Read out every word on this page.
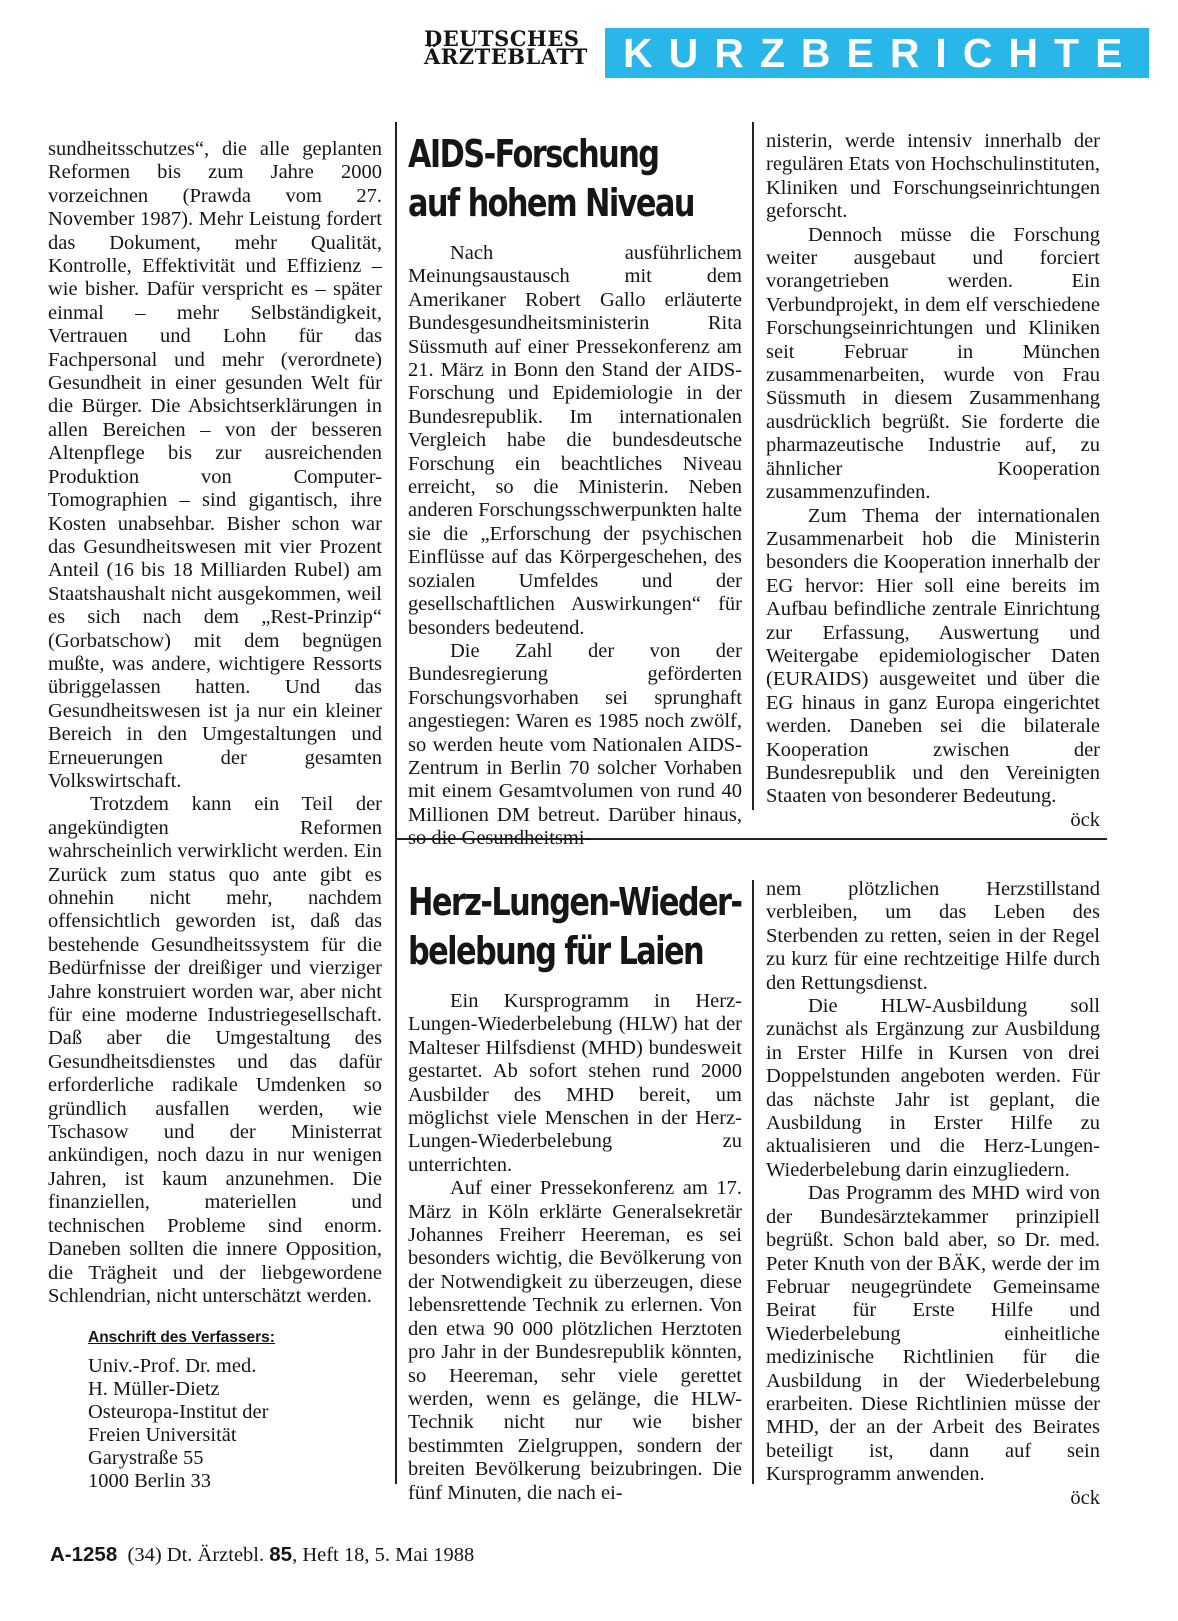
DEUTSCHES
ÄRZTEBLATT KURZBERICHTE

sundheitsschutzes“, die alle geplanten Reformen bis zum Jahre 2000 vorzeichnen (Prawda vom 27. November 1987). Mehr Leistung fordert das Dokument, mehr Qualität, Kontrolle, Effektivität und Effizienz – wie bisher. Dafür verspricht es – später einmal – mehr Selbständigkeit, Vertrauen und Lohn für das Fachpersonal und mehr (verordnete) Gesundheit in einer gesunden Welt für die Bürger. Die Absichtserklärungen in allen Bereichen – von der besseren Altenpflege bis zur ausreichenden Produktion von Computer-Tomographien – sind gigantisch, ihre Kosten unabsehbar. Bisher schon war das Gesundheitswesen mit vier Prozent Anteil (16 bis 18 Milliarden Rubel) am Staatshaushalt nicht ausgekommen, weil es sich nach dem „Rest-Prinzip“ (Gorbatschow) mit dem begnügen mußte, was andere, wichtigere Ressorts übriggelassen hatten. Und das Gesundheitswesen ist ja nur ein kleiner Bereich in den Umgestaltungen und Erneuerungen der gesamten Volkswirtschaft.

Trotzdem kann ein Teil der angekündigten Reformen wahrscheinlich verwirklicht werden. Ein Zurück zum status quo ante gibt es ohnehin nicht mehr, nachdem offensichtlich geworden ist, daß das bestehende Gesundheitssystem für die Bedürfnisse der dreißiger und vierziger Jahre konstruiert worden war, aber nicht für eine moderne Industriegesellschaft. Daß aber die Umgestaltung des Gesundheitsdienstes und das dafür erforderliche radikale Umdenken so gründlich ausfallen werden, wie Tschasow und der Ministerrat ankündigen, noch dazu in nur wenigen Jahren, ist kaum anzunehmen. Die finanziellen, materiellen und technischen Probleme sind enorm. Daneben sollten die innere Opposition, die Trägheit und der liebgewordene Schlendrian, nicht unterschätzt werden.

Anschrift des Verfassers:
Univ.-Prof. Dr. med.
H. Müller-Dietz
Osteuropa-Institut der
Freien Universität
Garystraße 55
1000 Berlin 33
AIDS-Forschung
auf hohem Niveau

Nach ausführlichem Meinungsaustausch mit dem Amerikaner Robert Gallo erläuterte Bundesgesundheitsministerin Rita Süssmuth auf einer Pressekonferenz am 21. März in Bonn den Stand der AIDS-Forschung und Epidemiologie in der Bundesrepublik. Im internationalen Vergleich habe die bundesdeutsche Forschung ein beachtliches Niveau erreicht, so die Ministerin. Neben anderen Forschungsschwerpunkten halte sie die „Erforschung der psychischen Einflüsse auf das Körpergeschehen, des sozialen Umfeldes und der gesellschaftlichen Auswirkungen“ für besonders bedeutend.

Die Zahl der von der Bundesregierung geförderten Forschungsvorhaben sei sprunghaft angestiegen: Waren es 1985 noch zwölf, so werden heute vom Nationalen AIDS-Zentrum in Berlin 70 solcher Vorhaben mit einem Gesamtvolumen von rund 40 Millionen DM betreut. Darüber hinaus, so die Gesundheitsmi-

nisterin, werde intensiv innerhalb der regulären Etats von Hochschulinstituten, Kliniken und Forschungseinrichtungen geforscht.

Dennoch müsse die Forschung weiter ausgebaut und forciert vorangetrieben werden. Ein Verbundprojekt, in dem elf verschiedene Forschungseinrichtungen und Kliniken seit Februar in München zusammenarbeiten, wurde von Frau Süssmuth in diesem Zusammenhang ausdrücklich begrüßt. Sie forderte die pharmazeutische Industrie auf, zu ähnlicher Kooperation zusammenzufinden.

Zum Thema der internationalen Zusammenarbeit hob die Ministerin besonders die Kooperation innerhalb der EG hervor: Hier soll eine bereits im Aufbau befindliche zentrale Einrichtung zur Erfassung, Auswertung und Weitergabe epidemiologischer Daten (EURAIDS) ausgeweitet und über die EG hinaus in ganz Europa eingerichtet werden. Daneben sei die bilaterale Kooperation zwischen der Bundesrepublik und den Vereinigten Staaten von besonderer Bedeutung.

öck

Herz-Lungen-Wieder-
belebung für Laien

Ein Kursprogramm in Herz-Lungen-Wiederbelebung (HLW) hat der Malteser Hilfsdienst (MHD) bundesweit gestartet. Ab sofort stehen rund 2000 Ausbilder des MHD bereit, um möglichst viele Menschen in der Herz-Lungen-Wiederbelebung zu unterrichten.

Auf einer Pressekonferenz am 17. März in Köln erklärte Generalsekretär Johannes Freiherr Heereman, es sei besonders wichtig, die Bevölkerung von der Notwendigkeit zu überzeugen, diese lebensrettende Technik zu erlernen. Von den etwa 90 000 plötzlichen Herztoten pro Jahr in der Bundesrepublik könnten, so Heereman, sehr viele gerettet werden, wenn es gelänge, die HLW-Technik nicht nur wie bisher bestimmten Zielgruppen, sondern der breiten Bevölkerung beizubringen. Die fünf Minuten, die nach ei-

nem plötzlichen Herzstillstand verbleiben, um das Leben des Sterbenden zu retten, seien in der Regel zu kurz für eine rechtzeitige Hilfe durch den Rettungsdienst.

Die HLW-Ausbildung soll zunächst als Ergänzung zur Ausbildung in Erster Hilfe in Kursen von drei Doppelstunden angeboten werden. Für das nächste Jahr ist geplant, die Ausbildung in Erster Hilfe zu aktualisieren und die Herz-Lungen-Wiederbelebung darin einzugliedern.

Das Programm des MHD wird von der Bundesärztekammer prinzipiell begrüßt. Schon bald aber, so Dr. med. Peter Knuth von der BÄK, werde der im Februar neugegründete Gemeinsame Beirat für Erste Hilfe und Wiederbelebung einheitliche medizinische Richtlinien für die Ausbildung in der Wiederbelebung erarbeiten. Diese Richtlinien müsse der MHD, der an der Arbeit des Beirates beteiligt ist, dann auf sein Kursprogramm anwenden.

öck

A-1258 (34) Dt. Ärztebl. 85, Heft 18, 5. Mai 1988
